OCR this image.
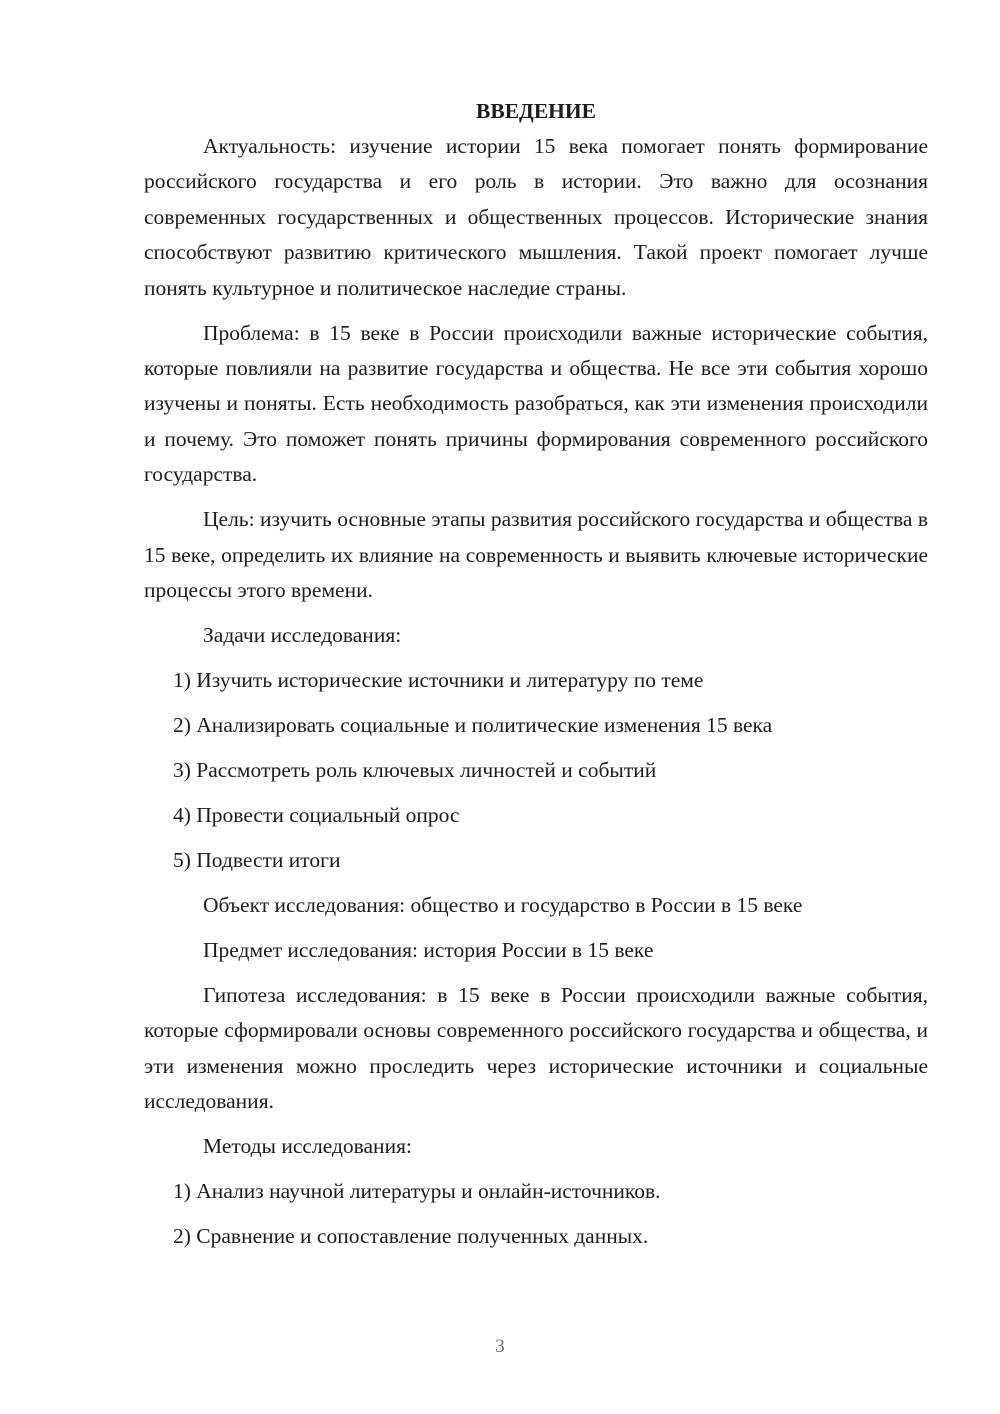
ВВЕДЕНИЕ
Актуальность: изучение истории 15 века помогает понять формирование российского государства и его роль в истории. Это важно для осознания современных государственных и общественных процессов. Исторические знания способствуют развитию критического мышления. Такой проект помогает лучше понять культурное и политическое наследие страны.
Проблема: в 15 веке в России происходили важные исторические события, которые повлияли на развитие государства и общества. Не все эти события хорошо изучены и поняты. Есть необходимость разобраться, как эти изменения происходили и почему. Это поможет понять причины формирования современного российского государства.
Цель: изучить основные этапы развития российского государства и общества в 15 веке, определить их влияние на современность и выявить ключевые исторические процессы этого времени.
Задачи исследования:
1) Изучить исторические источники и литературу по теме
2) Анализировать социальные и политические изменения 15 века
3) Рассмотреть роль ключевых личностей и событий
4) Провести социальный опрос
5) Подвести итоги
Объект исследования: общество и государство в России в 15 веке
Предмет исследования: история России в 15 веке
Гипотеза исследования: в 15 веке в России происходили важные события, которые сформировали основы современного российского государства и общества, и эти изменения можно проследить через исторические источники и социальные исследования.
Методы исследования:
1) Анализ научной литературы и онлайн-источников.
2) Сравнение и сопоставление полученных данных.
3
